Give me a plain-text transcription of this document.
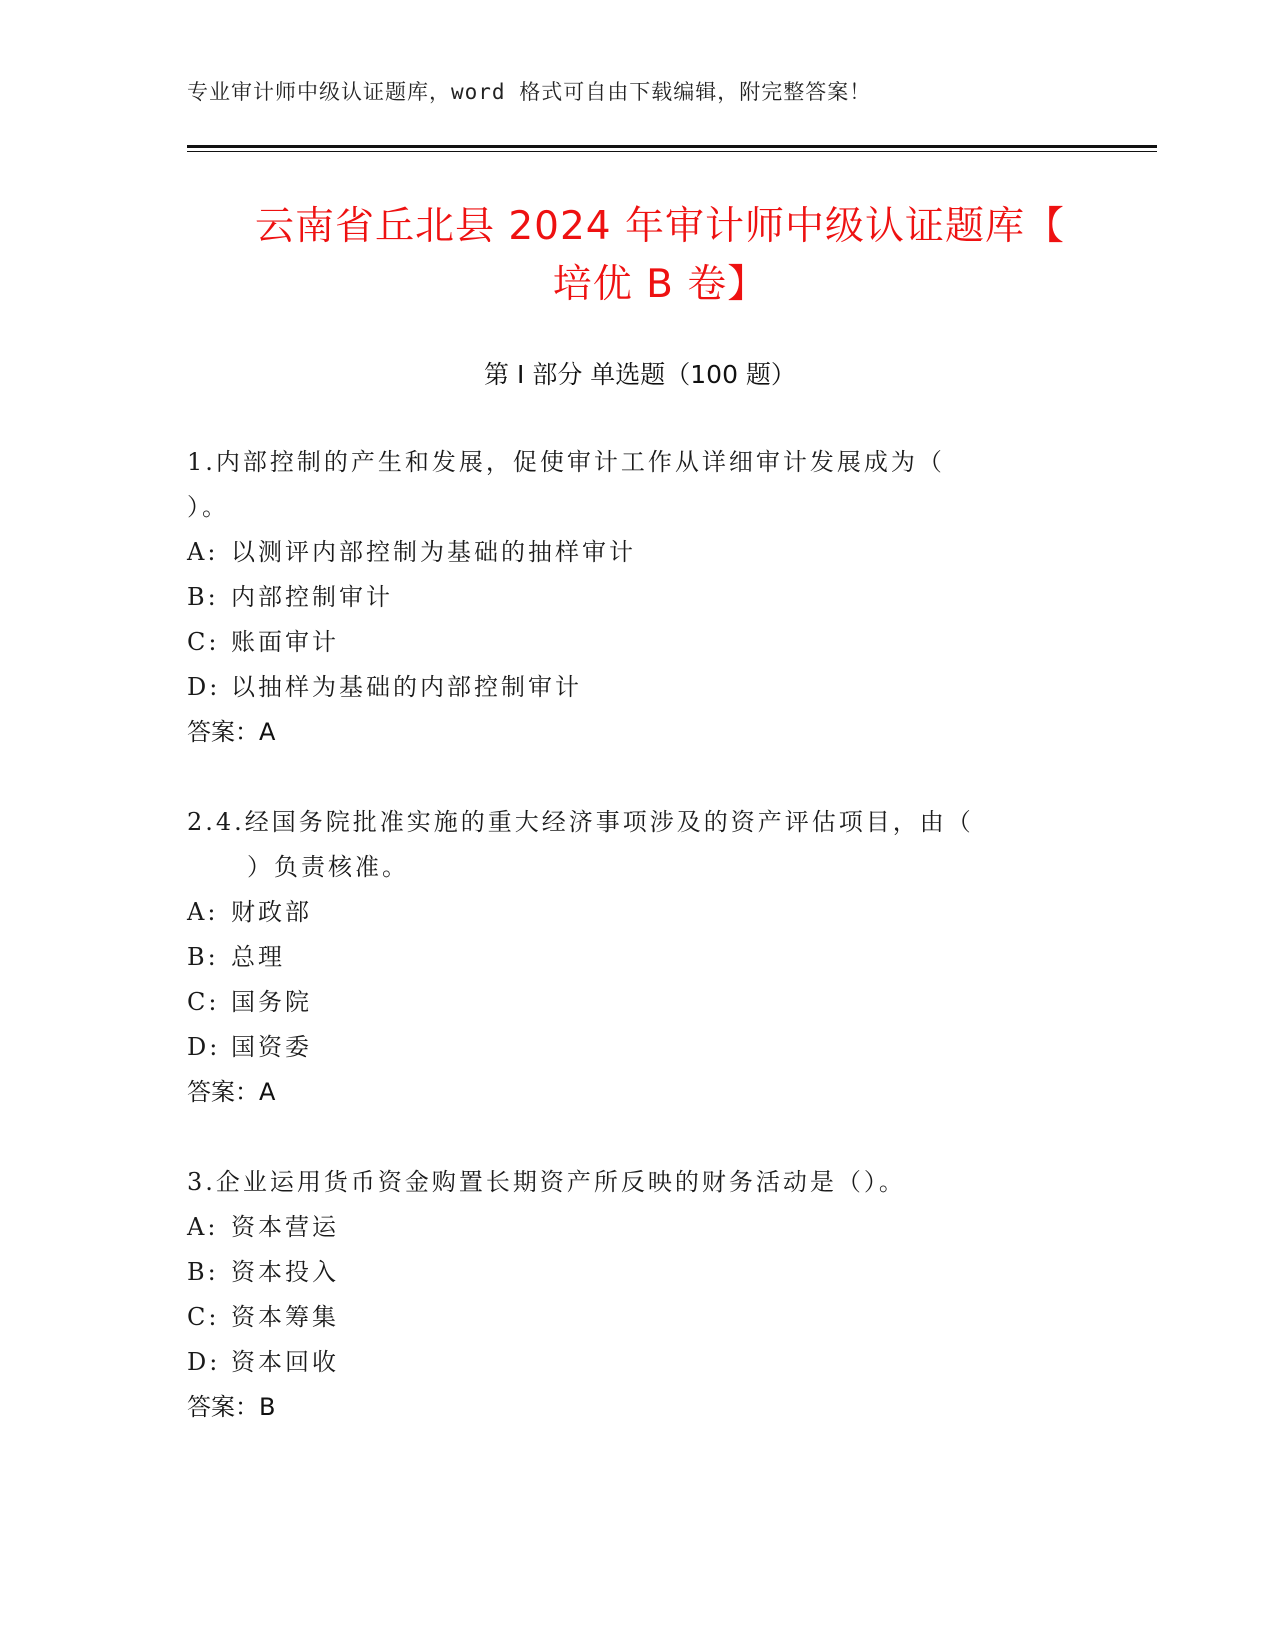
专业审计师中级认证题库，word 格式可自由下载编辑，附完整答案！
云南省丘北县 2024 年审计师中级认证题库【
培优 B 卷】
第 I 部分 单选题（100 题）
1.内部控制的产生和发展，促使审计工作从详细审计发展成为（
）。
A: 以测评内部控制为基础的抽样审计
B: 内部控制审计
C: 账面审计
D: 以抽样为基础的内部控制审计
答案：A
2.4.经国务院批准实施的重大经济事项涉及的资产评估项目，由（
）负责核准。
A: 财政部
B: 总理
C: 国务院
D: 国资委
答案：A
3.企业运用货币资金购置长期资产所反映的财务活动是（）。
A: 资本营运
B: 资本投入
C: 资本筹集
D: 资本回收
答案：B
